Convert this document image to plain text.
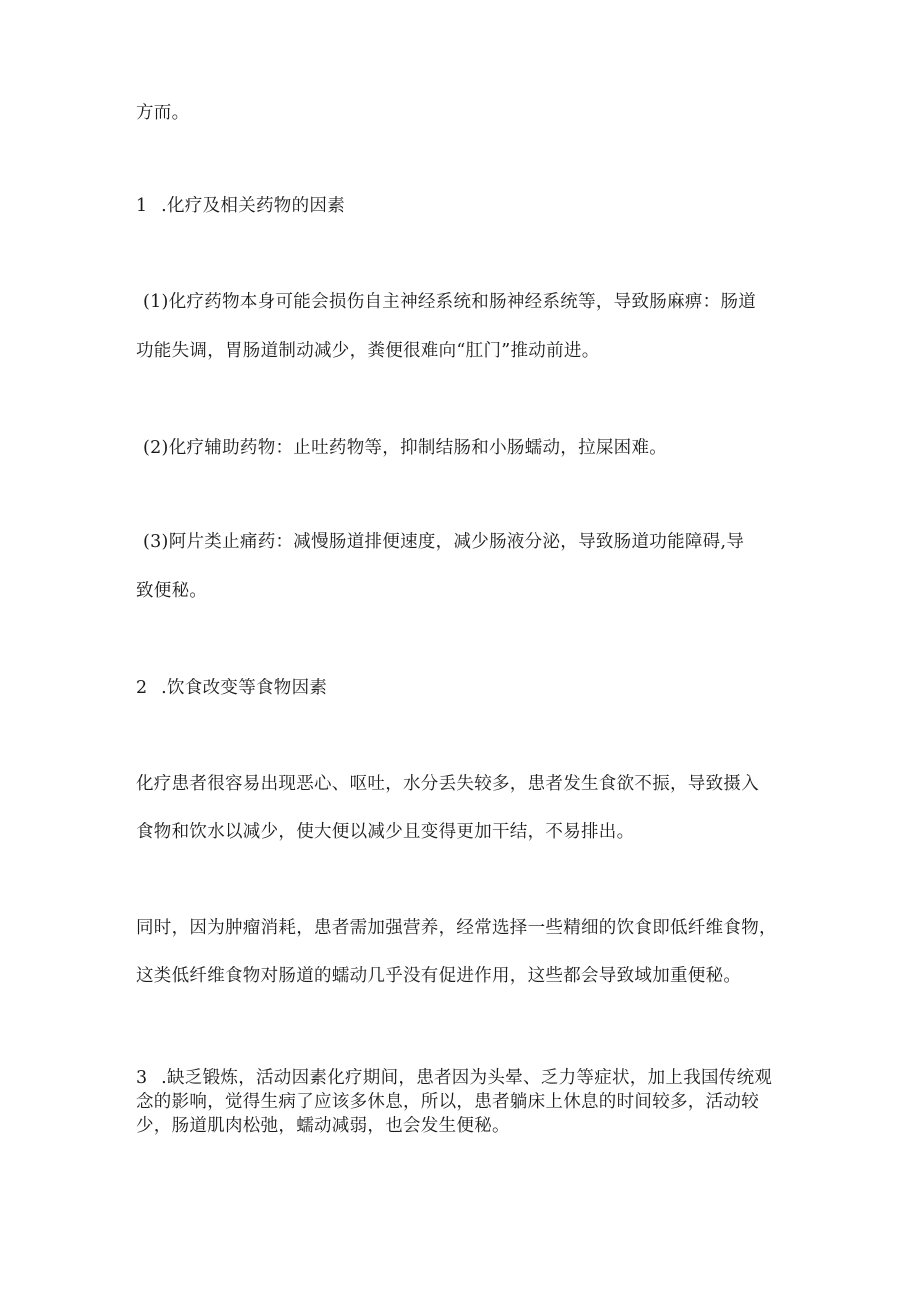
方而。
1 .化疗及相关药物的因素
(1)化疗药物本身可能会损伤自主神经系统和肠神经系统等，导致肠麻痹：肠道
功能失调，胃肠道制动减少，粪便很难向“肛门”推动前进。
(2)化疗辅助药物：止吐药物等，抑制结肠和小肠蠕动，拉屎困难。
(3)阿片类止痛药：减慢肠道排便速度，减少肠液分泌，导致肠道功能障碍,导
致便秘。
2 .饮食改变等食物因素
化疗患者很容易出现恶心、呕吐，水分丢失较多，患者发生食欲不振，导致摄入
食物和饮水以减少，使大便以减少且变得更加干结，不易排出。
同时，因为肿瘤消耗，患者需加强营养，经常选择一些精细的饮食即低纤维食物，
这类低纤维食物对肠道的蠕动几乎没有促进作用，这些都会导致域加重便秘。
3 .缺乏锻炼，活动因素化疗期间，患者因为头晕、乏力等症状，加上我国传统观
念的影响，觉得生病了应该多休息，所以，患者躺床上休息的时间较多，活动较
少，肠道肌肉松弛，蠕动减弱，也会发生便秘。
